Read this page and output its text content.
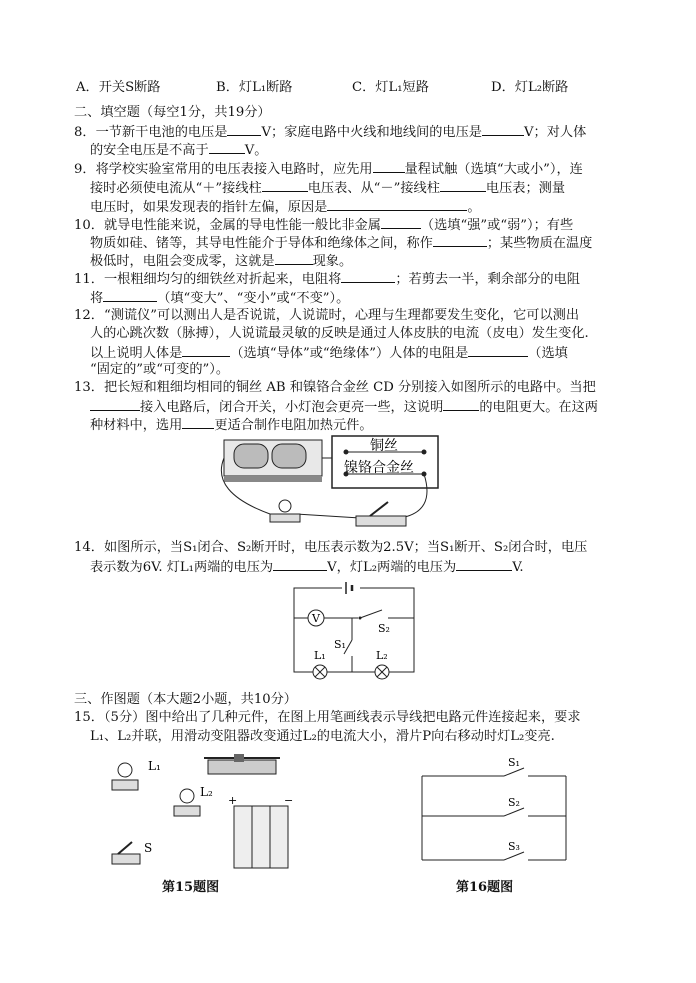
A．开关S断路	B．灯L₁断路	C．灯L₁短路	D．灯L₂断路
二、填空题（每空1分，共19分）
8．一节新干电池的电压是	V；家庭电路中火线和地线间的电压是	V；对人体
的安全电压是不高于	V。
9．将学校实验室常用的电压表接入电路时，应先用 量程试触（选填“大或小”），连
接时必须使电流从“＋”接线柱	电压表、从“－”接线柱	电压表；测量
电压时，如果发现表的指针左偏，原因是	。
10．就导电性能来说，金属的导电性能一般比非金属	（选填“强”或“弱”）；有些
物质如硅、锗等，其导电性能介于导体和绝缘体之间，称作	；某些物质在温度
极低时，电阻会变成零，这就是	现象。
11．一根粗细均匀的细铁丝对折起来，电阻将	；若剪去一半，剩余部分的电阻
将	（填“变大”、“变小”或“不变”）。
12．“测谎仪”可以测出人是否说谎，人说谎时，心理与生理都要发生变化，它可以测出
人的心跳次数（脉搏），人说谎最灵敏的反映是通过人体皮肤的电流（皮电）发生变化.
以上说明人体是	（选填“导体”或“绝缘体”）人体的电阻是	（选填
“固定的”或“可变的”）。
13．把长短和粗细均相同的铜丝 AB 和镍铬合金丝 CD 分别接入如图所示的电路中。当把
接入电路后，闭合开关，小灯泡会更亮一些，这说明	的电阻更大。在这两
种材料中，选用 更适合制作电阻加热元件。
铜丝
镍铬合金丝
14．如图所示，当S₁闭合、S₂断开时，电压表示数为2.5V；当S₁断开、S₂闭合时，电压
表示数为6V. 灯L₁两端的电压为	V，灯L₂两端的电压为	V.
V
S₂
S₁
L₁	L₂
三、作图题（本大题2小题，共10分）
15．（5分）图中给出了几种元件，在图上用笔画线表示导线把电路元件连接起来，要求
L₁、L₂并联，用滑动变阻器改变通过L₂的电流大小，滑片P向右移动时灯L₂变亮.
L₁
L₂
+	−
S
S₁
S₂
S₃
第15题图	第16题图
